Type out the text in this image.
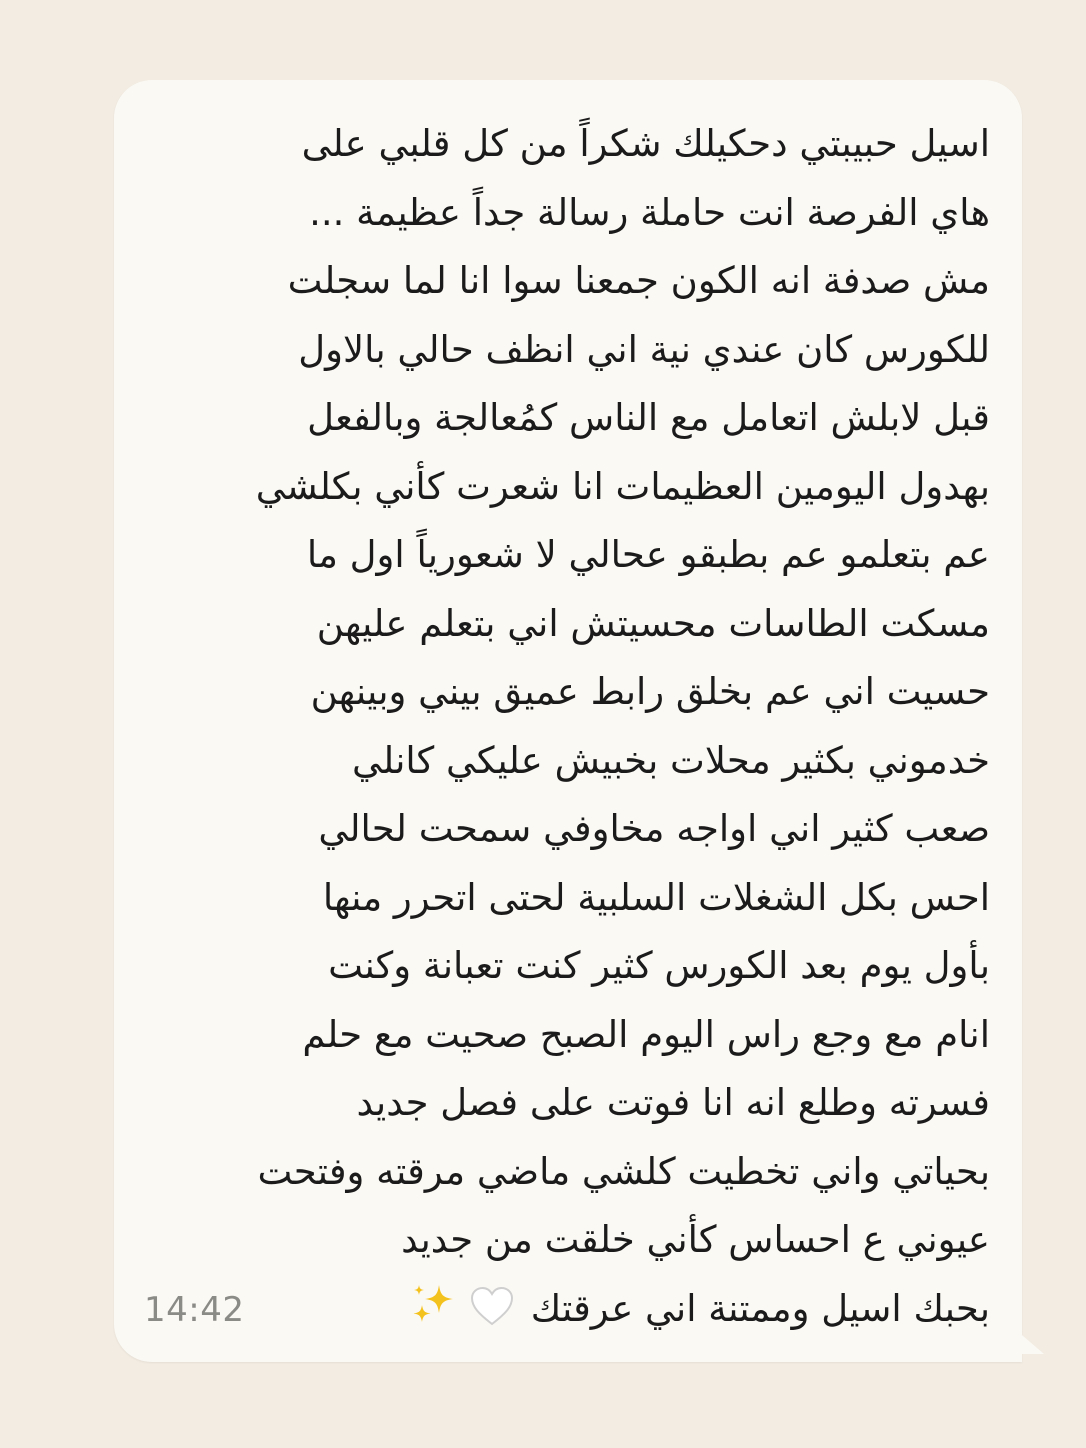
اسيل حبيبتي دحكيلك شكراً من كل قلبي على
هاي الفرصة انت حاملة رسالة جداً عظيمة ...
مش صدفة انه الكون جمعنا سوا انا لما سجلت
للكورس كان عندي نية اني انظف حالي بالاول
قبل لابلش اتعامل مع الناس كمُعالجة وبالفعل
بهدول اليومين العظيمات انا شعرت كأني بكلشي
عم بتعلمو عم بطبقو عحالي لا شعورياً اول ما
مسكت الطاسات محسيتش اني بتعلم عليهن
حسيت اني عم بخلق رابط عميق بيني وبينهن
خدموني بكثير محلات بخبيش عليكي كانلي
صعب كثير اني اواجه مخاوفي سمحت لحالي
احس بكل الشغلات السلبية لحتى اتحرر منها
بأول يوم بعد الكورس كثير كنت تعبانة وكنت
انام مع وجع راس اليوم الصبح صحيت مع حلم
فسرته وطلع انه انا فوتت على فصل جديد
بحياتي واني تخطيت كلشي ماضي مرقته وفتحت
عيوني ع احساس كأني خلقت من جديد
بحبك اسيل وممتنة اني عرقتك
14:42
